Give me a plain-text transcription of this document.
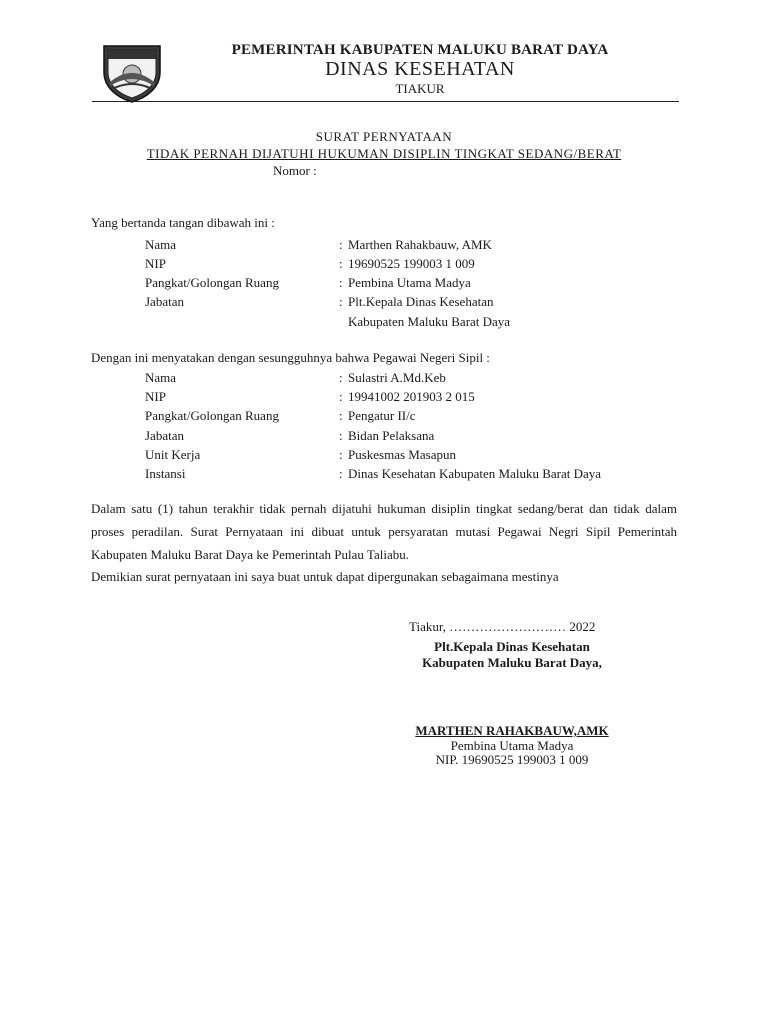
PEMERINTAH KABUPATEN MALUKU BARAT DAYA
DINAS KESEHATAN
TIAKUR
SURAT PERNYATAAN
TIDAK PERNAH DIJATUHI HUKUMAN DISIPLIN TINGKAT SEDANG/BERAT
Nomor :
Yang bertanda tangan dibawah ini :
Nama	: Marthen Rahakbauw, AMK
NIP	: 19690525 199003 1 009
Pangkat/Golongan Ruang	: Pembina Utama Madya
Jabatan	: Plt.Kepala Dinas Kesehatan
Kabupaten Maluku Barat Daya
Dengan ini menyatakan dengan sesungguhnya bahwa Pegawai Negeri Sipil :
Nama	: Sulastri A.Md.Keb
NIP	: 19941002 201903 2 015
Pangkat/Golongan Ruang	: Pengatur II/c
Jabatan	: Bidan Pelaksana
Unit Kerja	: Puskesmas Masapun
Instansi	: Dinas Kesehatan Kabupaten Maluku Barat Daya
Dalam satu (1) tahun terakhir tidak pernah dijatuhi hukuman disiplin tingkat sedang/berat dan tidak dalam proses peradilan. Surat Pernyataan ini dibuat untuk persyaratan mutasi Pegawai Negri Sipil Pemerintah Kabupaten Maluku Barat Daya ke Pemerintah Pulau Taliabu.
Demikian surat pernyataan ini saya buat untuk dapat dipergunakan sebagaimana mestinya
Tiakur, ……………………… 2022
Plt.Kepala Dinas Kesehatan
Kabupaten Maluku Barat Daya,
MARTHEN RAHAKBAUW,AMK
Pembina Utama Madya
NIP. 19690525 199003 1 009
